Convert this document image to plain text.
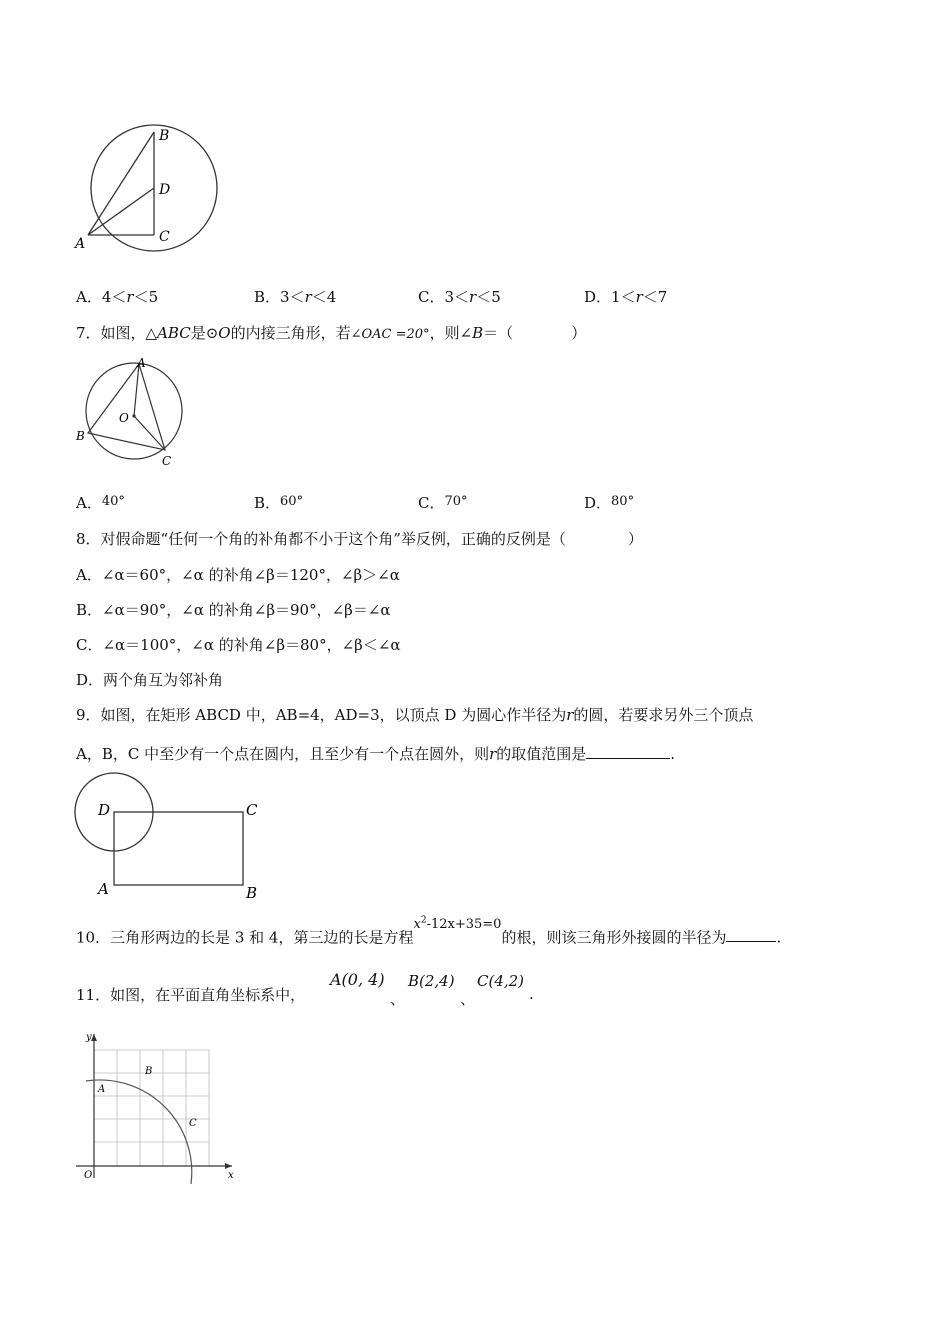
B
D
C
A
A．4＜r＜5	B．3＜r＜4	C．3＜r＜5	D．1＜r＜7
7．如图，△ABC是⊙O的内接三角形，若∠OAC =20°，则∠B＝（	）
A
O
B
C
A．40°	B．60°	C．70°	D．80°
8．对假命题“任何一个角的补角都不小于这个角”举反例，正确的反例是（	）
A．∠α＝60°，∠α 的补角∠β＝120°，∠β＞∠α
B．∠α＝90°，∠α 的补角∠β＝90°，∠β＝∠α
C．∠α＝100°，∠α 的补角∠β＝80°，∠β＜∠α
D．两个角互为邻补角
9．如图，在矩形 ABCD 中，AB=4，AD=3，以顶点 D 为圆心作半径为r的圆，若要求另外三个顶点
A，B，C 中至少有一个点在圆内，且至少有一个点在圆外，则r的取值范围是	.
D	C
A	B
10．三角形两边的长是 3 和 4，第三边的长是方程$x^2-12x+35=0$的根，则该三角形外接圆的半径为	.
11．如图，在平面直角坐标系中，
A(0, 4)
、
B(2,4)
、
C(4,2)
.
y
x
O
A
B
C
